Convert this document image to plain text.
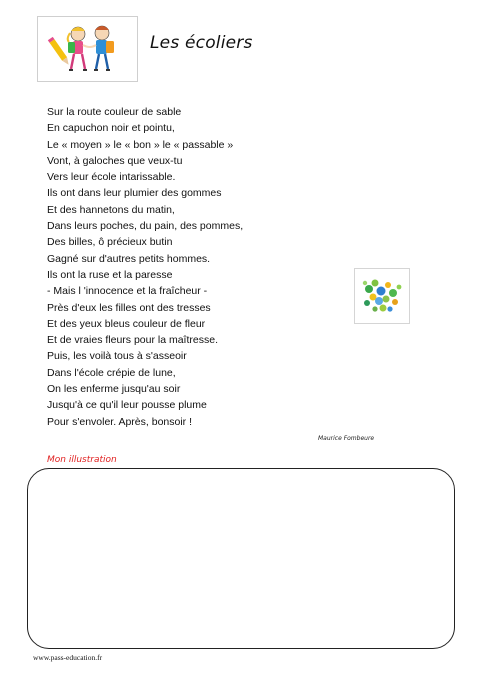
Les écoliers
Sur la route couleur de sable
En capuchon noir et pointu,
Le « moyen » le « bon » le « passable »
Vont, à galoches que veux-tu
Vers leur école intarissable.
Ils ont dans leur plumier des gommes
Et des hannetons du matin,
Dans leurs poches, du pain, des pommes,
Des billes, ô précieux butin
Gagné sur d'autres petits hommes.
Ils ont la ruse et la paresse
- Mais l 'innocence et la fraîcheur -
Près d'eux les filles ont des tresses
Et des yeux bleus couleur de fleur
Et de vraies fleurs pour la maîtresse.
Puis, les voilà tous à s'asseoir
Dans l'école crépie de lune,
On les enferme jusqu'au soir
Jusqu'à ce qu'il leur pousse plume
Pour s'envoler. Après, bonsoir !
Maurice Fombeure
Mon illustration
www.pass-education.fr
